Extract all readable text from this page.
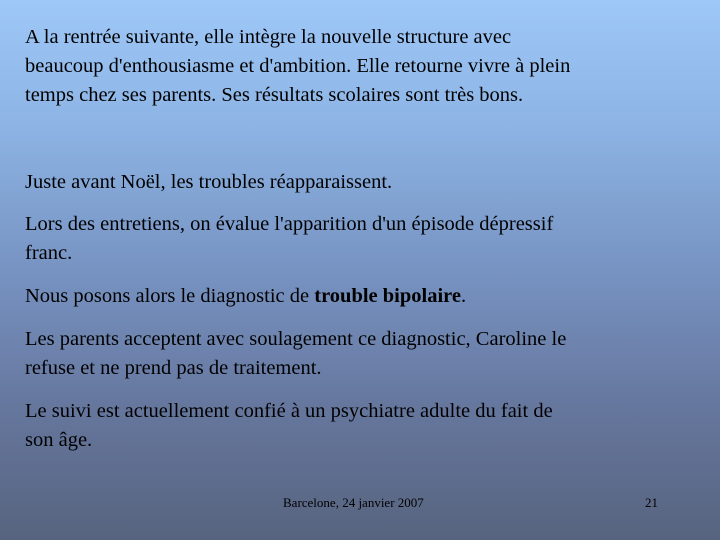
A la rentrée suivante, elle intègre la nouvelle structure avec
beaucoup d'enthousiasme et d'ambition. Elle retourne vivre à plein
temps chez ses parents. Ses résultats scolaires sont très bons.

Juste avant Noël, les troubles réapparaissent.

Lors des entretiens, on évalue l'apparition d'un épisode dépressif
franc.

Nous posons alors le diagnostic de trouble bipolaire.

Les parents acceptent avec soulagement ce diagnostic, Caroline le
refuse et ne prend pas de traitement.

Le suivi est actuellement confié à un psychiatre adulte du fait de
son âge.

Barcelone, 24 janvier 2007	21
